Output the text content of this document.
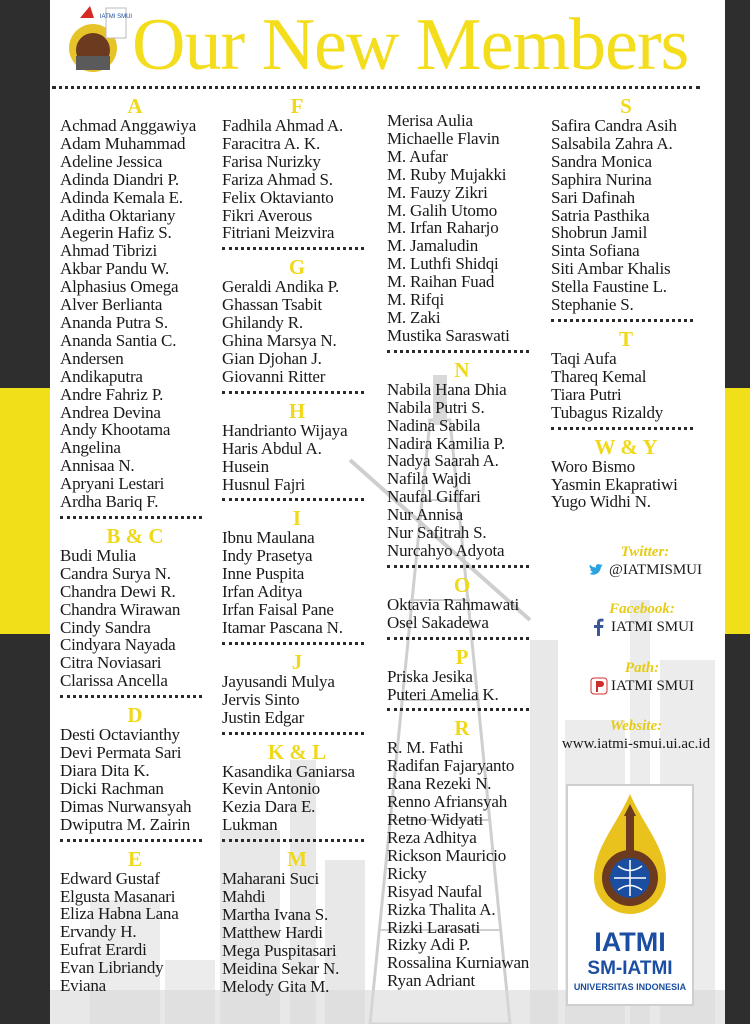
IATMI SMUI Our New Members
A
Achmad Anggawiya
Adam Muhammad
Adeline Jessica
Adinda Diandri P.
Adinda Kemala E.
Aditha Oktariany
Aegerin Hafiz S.
Ahmad Tibrizi
Akbar Pandu W.
Alphasius Omega
Alver Berlianta
Ananda Putra S.
Ananda Santia C.
Andersen
Andikaputra
Andre Fahriz P.
Andrea Devina
Andy Khootama
Angelina
Annisaa N.
Apryani Lestari
Ardha Bariq F.
B & C
Budi Mulia
Candra Surya N.
Chandra Dewi R.
Chandra Wirawan
Cindy Sandra
Cindyara Nayada
Citra Noviasari
Clarissa Ancella
D
Desti Octavianthy
Devi Permata Sari
Diara Dita K.
Dicki Rachman
Dimas Nurwansyah
Dwiputra M. Zairin
E
Edward Gustaf
Elgusta Masanari
Eliza Habna Lana
Ervandy H.
Eufrat Erardi
Evan Libriandy
Eviana
F
Fadhila Ahmad A.
Faracitra A. K.
Farisa Nurizky
Fariza Ahmad S.
Felix Oktavianto
Fikri Averous
Fitriani Meizvira
G
Geraldi Andika P.
Ghassan Tsabit
Ghilandy R.
Ghina Marsya N.
Gian Djohan J.
Giovanni Ritter
H
Handrianto Wijaya
Haris Abdul A.
Husein
Husnul Fajri
I
Ibnu Maulana
Indy Prasetya
Inne Puspita
Irfan Aditya
Irfan Faisal Pane
Itamar Pascana N.
J
Jayusandi Mulya
Jervis Sinto
Justin Edgar
K & L
Kasandika Ganiarsa
Kevin Antonio
Kezia Dara E.
Lukman
M
Maharani Suci
Mahdi
Martha Ivana S.
Matthew Hardi
Mega Puspitasari
Meidina Sekar N.
Melody Gita M.
Merisa Aulia
Michaelle Flavin
M. Aufar
M. Ruby Mujakki
M. Fauzy Zikri
M. Galih Utomo
M. Irfan Raharjo
M. Jamaludin
M. Luthfi Shidqi
M. Raihan Fuad
M. Rifqi
M. Zaki
Mustika Saraswati
N
Nabila Hana Dhia
Nabila Putri S.
Nadina Sabila
Nadira Kamilia P.
Nadya Saarah A.
Nafila Wajdi
Naufal Giffari
Nur Annisa
Nur Safitrah S.
Nurcahyo Adyota
O
Oktavia Rahmawati
Osel Sakadewa
P
Priska Jesika
Puteri Amelia K.
R
R. M. Fathi
Radifan Fajaryanto
Rana Rezeki N.
Renno Afriansyah
Retno Widyati
Reza Adhitya
Rickson Mauricio
Ricky
Risyad Naufal
Rizka Thalita A.
Rizki Larasati
Rizky Adi P.
Rossalina Kurniawan
Ryan Adriant
S
Safira Candra Asih
Salsabila Zahra A.
Sandra Monica
Saphira Nurina
Sari Dafinah
Satria Pasthika
Shobrun Jamil
Sinta Sofiana
Siti Ambar Khalis
Stella Faustine L.
Stephanie S.
T
Taqi Aufa
Thareq Kemal
Tiara Putri
Tubagus Rizaldy
W & Y
Woro Bismo
Yasmin Ekapratiwi
Yugo Widhi N.
Twitter:
@IATMISMUI
Facebook:
IATMI SMUI
Path:
IATMI SMUI
Website:
www.iatmi-smui.ui.ac.id
IATMI
SM-IATMI
UNIVERSITAS INDONESIA
